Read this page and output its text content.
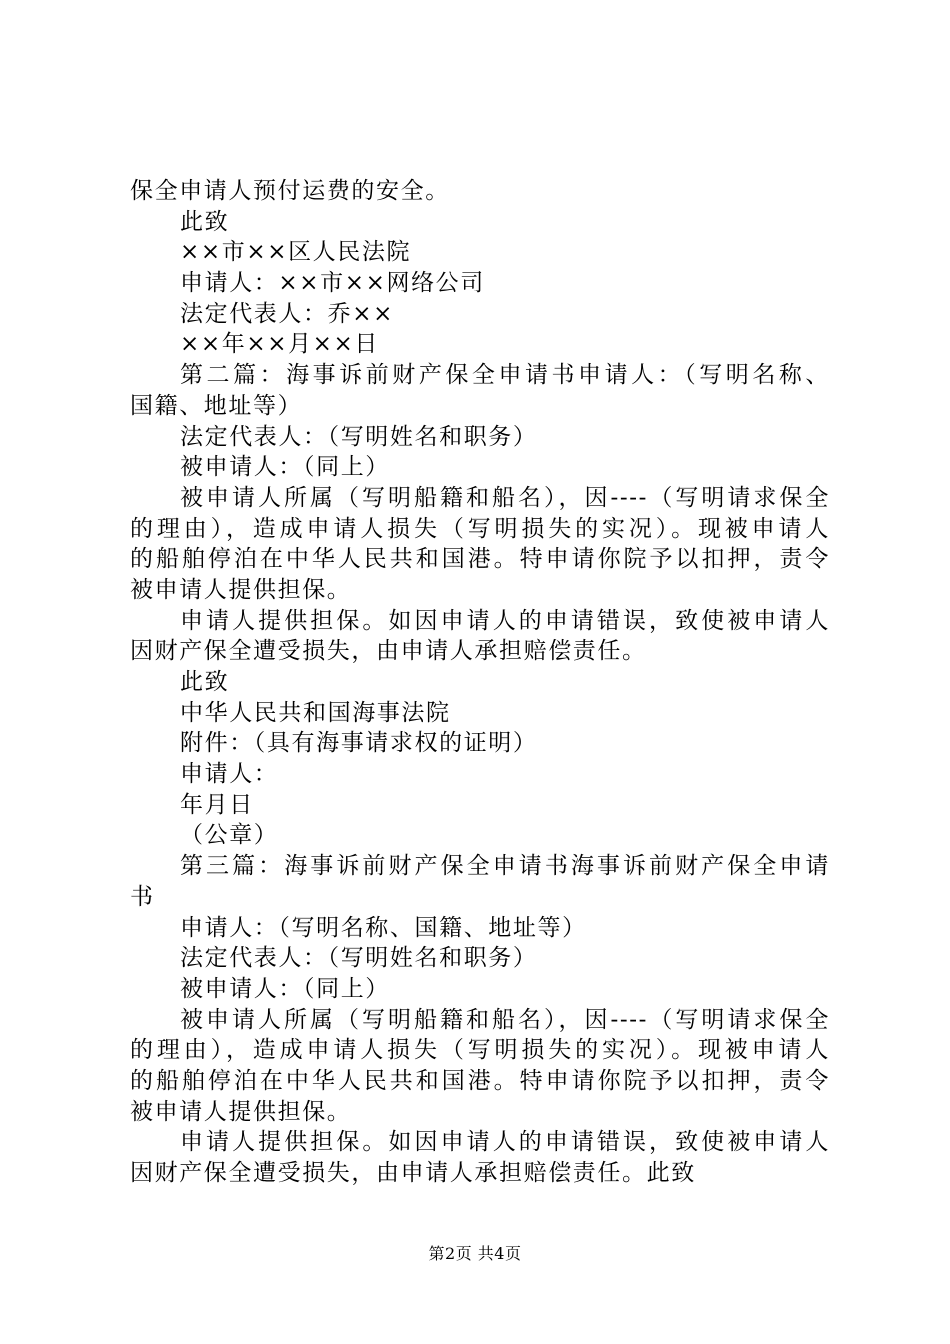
保全申请人预付运费的安全。
此致
××市××区人民法院
申请人：××市××网络公司
法定代表人：乔××
××年××月××日
第二篇：海事诉前财产保全申请书申请人：（写明名称、
国籍、地址等）
法定代表人：（写明姓名和职务）
被申请人：（同上）
被申请人所属（写明船籍和船名），因----（写明请求保全
的理由），造成申请人损失（写明损失的实况）。现被申请人
的船舶停泊在中华人民共和国港。特申请你院予以扣押，责令
被申请人提供担保。
申请人提供担保。如因申请人的申请错误，致使被申请人
因财产保全遭受损失，由申请人承担赔偿责任。
此致
中华人民共和国海事法院
附件：（具有海事请求权的证明）
申请人：
年月日
（公章）
第三篇：海事诉前财产保全申请书海事诉前财产保全申请
书
申请人：（写明名称、国籍、地址等）
法定代表人：（写明姓名和职务）
被申请人：（同上）
被申请人所属（写明船籍和船名），因----（写明请求保全
的理由），造成申请人损失（写明损失的实况）。现被申请人
的船舶停泊在中华人民共和国港。特申请你院予以扣押，责令
被申请人提供担保。
申请人提供担保。如因申请人的申请错误，致使被申请人
因财产保全遭受损失，由申请人承担赔偿责任。此致
第2页 共4页
